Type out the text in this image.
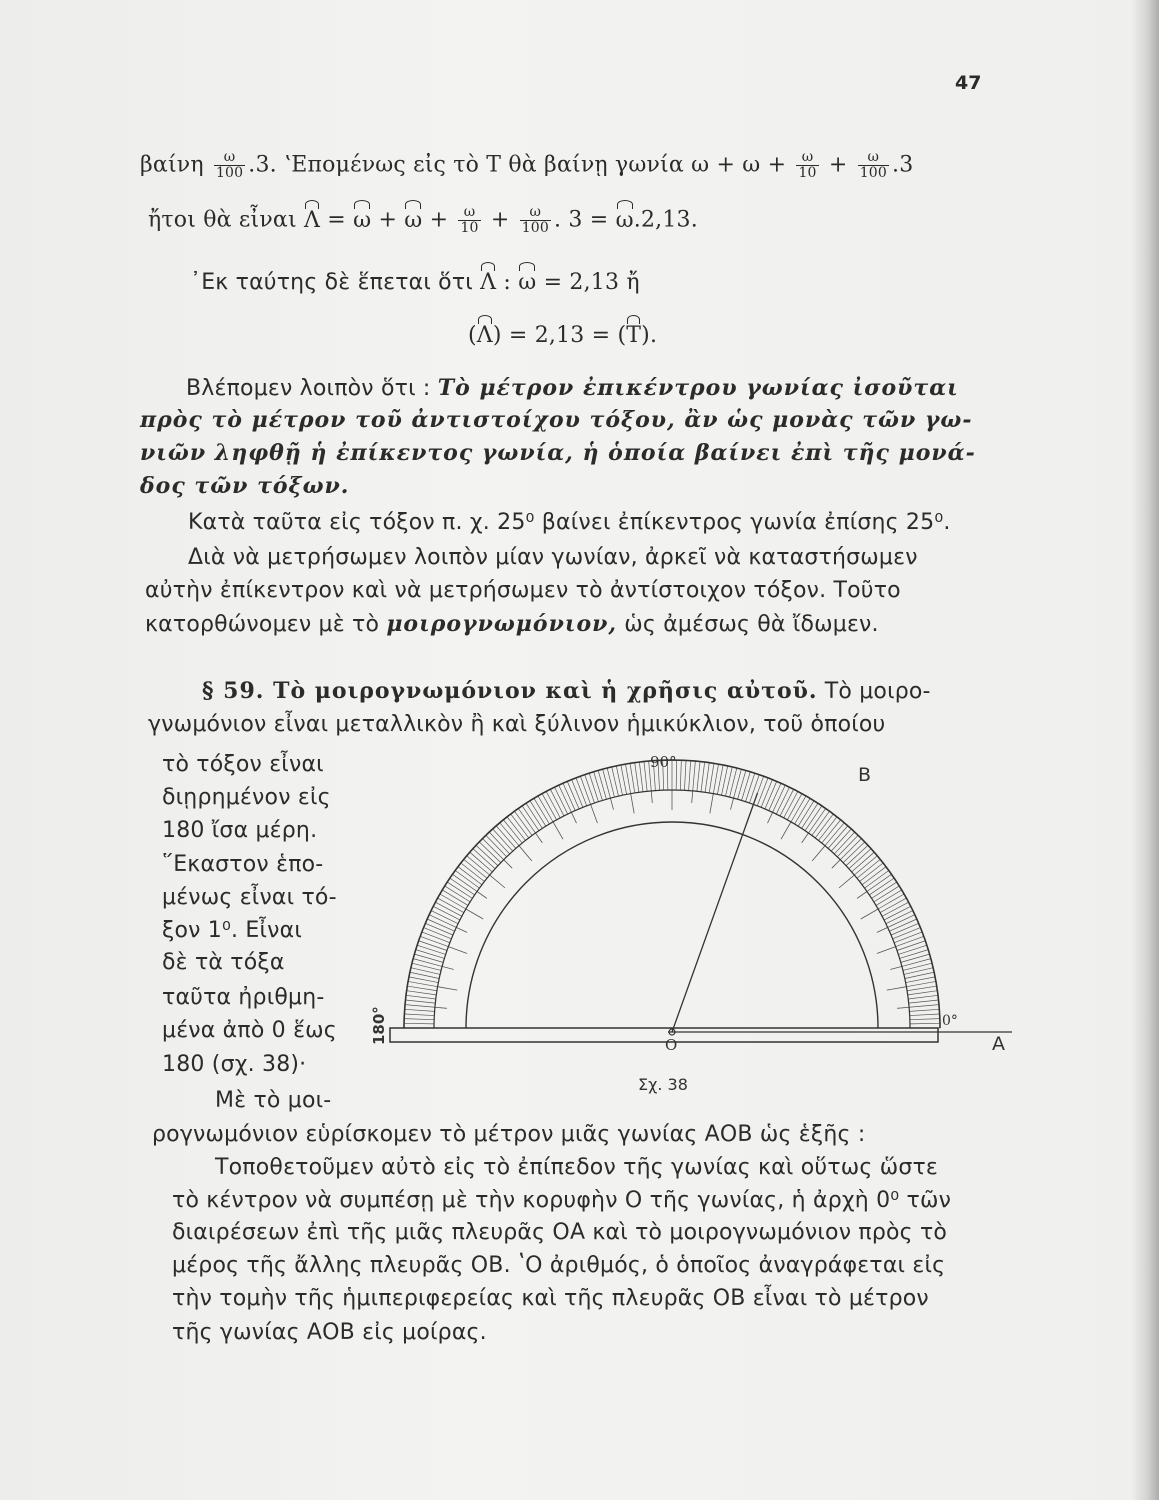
47
βαίνη $\frac{\omega}{100} .3$. ʽΕπομένως εἰς τὸ Τ θὰ βαίνῃ γωνία $\omega + \omega + \frac{\omega}{10} + \frac{\omega}{100} .3$
ἤτοι θὰ εἶναι $\Lambda = \omega + \omega + \frac{\omega}{10} + \frac{\omega}{100}$ . 3 = ω.2,13.
᾿Εκ ταύτης δὲ ἕπεται ὅτι Λ : ω = 2,13 ἤ
(Λ) = 2,13 = (Τ).
Βλέπομεν λοιπὸν ὅτι : Τὸ μέτρον ἐπικέντρου γωνίας ἰσοῦται
πρὸς τὸ μέτρον τοῦ ἀντιστοίχου τόξου, ἂν ὡς μονὰς τῶν γω-
νιῶν ληφθῇ ἡ ἐπίκεντος γωνία, ἡ ὁποία βαίνει ἐπὶ τῆς μονά-
δος τῶν τόξων.
Κατὰ ταῦτα εἰς τόξον π. χ. 25⁰ βαίνει ἐπίκεντρος γωνία ἐπίσης 25⁰.
Διὰ νὰ μετρήσωμεν λοιπὸν μίαν γωνίαν, ἀρκεῖ νὰ καταστήσωμεν
αὐτὴν ἐπίκεντρον καὶ νὰ μετρήσωμεν τὸ ἀντίστοιχον τόξον. Τοῦτο
κατορθώνομεν μὲ τὸ μοιρογνωμόνιον, ὡς ἀμέσως θὰ ἴδωμεν.
§ 59. Τὸ μοιρογνωμόνιον καὶ ἡ χρῆσις αὐτοῦ. Τὸ μοιρο-
γνωμόνιον εἶναι μεταλλικὸν ἢ καὶ ξύλινον ἡμικύκλιον, τοῦ ὁποίου
τὸ τόξον εἶναι
διῃρημένον εἰς
180 ἴσα μέρη.
῞Εκαστον ἑπο-
μένως εἶναι τό-
ξον 1⁰. Εἶναι
δὲ τὰ τόξα
ταῦτα ἠριθμη-
μένα ἀπὸ 0 ἕως
180 (σχ. 38)·
Μὲ τὸ μοι-
ρογνωμόνιον εὑρίσκομεν τὸ μέτρον μιᾶς γωνίας ΑΟΒ ὡς ἑξῆς :
Τοποθετοῦμεν αὐτὸ εἰς τὸ ἐπίπεδον τῆς γωνίας καὶ οὕτως ὥστε
τὸ κέντρον νὰ συμπέσῃ μὲ τὴν κορυφὴν Ο τῆς γωνίας, ἡ ἀρχὴ 0⁰ τῶν
διαιρέσεων ἐπὶ τῆς μιᾶς πλευρᾶς ΟΑ καὶ τὸ μοιρογνωμόνιον πρὸς τὸ
μέρος τῆς ἄλλης πλευρᾶς ΟΒ. ʽΟ ἀριθμός, ὁ ὁποῖος ἀναγράφεται εἰς
τὴν τομὴν τῆς ἡμιπεριφερείας καὶ τῆς πλευρᾶς ΟΒ εἶναι τὸ μέτρον
τῆς γωνίας ΑΟΒ εἰς μοίρας.
90°
B
0°
A
O
180°
Σχ. 38
